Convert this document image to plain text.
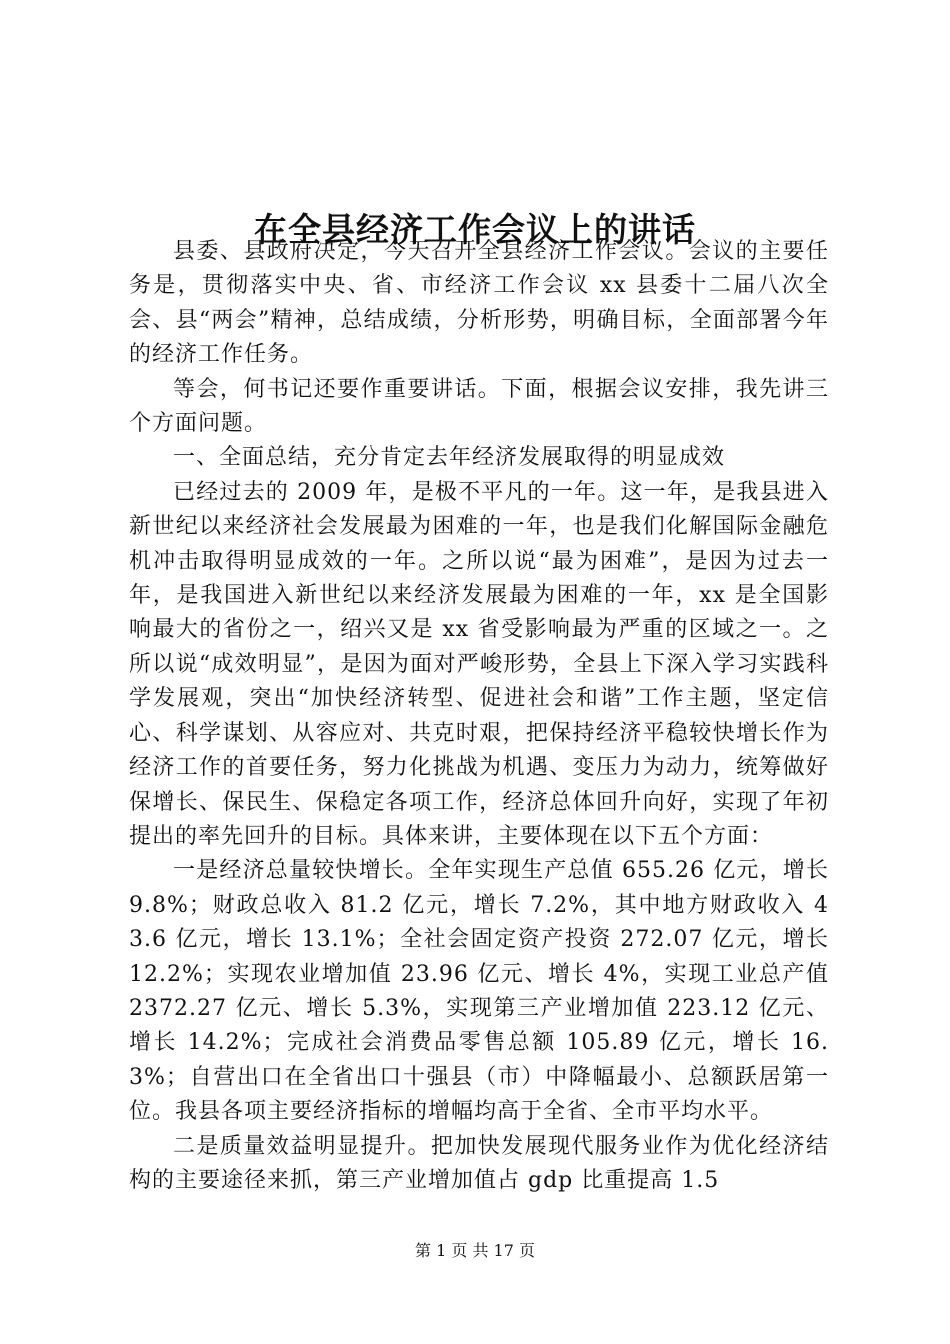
在全县经济工作会议上的讲话

县委、县政府决定，今天召开全县经济工作会议。会议的主要任务是，贯彻落实中央、省、市经济工作会议 xx 县委十二届八次全会、县“两会”精神，总结成绩，分析形势，明确目标，全面部署今年的经济工作任务。

等会，何书记还要作重要讲话。下面，根据会议安排，我先讲三个方面问题。

一、全面总结，充分肯定去年经济发展取得的明显成效

已经过去的 2009 年，是极不平凡的一年。这一年，是我县进入新世纪以来经济社会发展最为困难的一年，也是我们化解国际金融危机冲击取得明显成效的一年。之所以说“最为困难”，是因为过去一年，是我国进入新世纪以来经济发展最为困难的一年，xx 是全国影响最大的省份之一，绍兴又是 xx 省受影响最为严重的区域之一。之所以说“成效明显”，是因为面对严峻形势，全县上下深入学习实践科学发展观，突出“加快经济转型、促进社会和谐”工作主题，坚定信心、科学谋划、从容应对、共克时艰，把保持经济平稳较快增长作为经济工作的首要任务，努力化挑战为机遇、变压力为动力，统筹做好保增长、保民生、保稳定各项工作，经济总体回升向好，实现了年初提出的率先回升的目标。具体来讲，主要体现在以下五个方面：

一是经济总量较快增长。全年实现生产总值 655.26 亿元，增长 9.8%；财政总收入 81.2 亿元，增长 7.2%，其中地方财政收入 43.6 亿元，增长 13.1%；全社会固定资产投资 272.07 亿元，增长 12.2%；实现农业增加值 23.96 亿元、增长 4%，实现工业总产值 2372.27 亿元、增长 5.3%，实现第三产业增加值 223.12 亿元、增长 14.2%；完成社会消费品零售总额 105.89 亿元，增长 16.3%；自营出口在全省出口十强县（市）中降幅最小、总额跃居第一位。我县各项主要经济指标的增幅均高于全省、全市平均水平。

二是质量效益明显提升。把加快发展现代服务业作为优化经济结构的主要途径来抓，第三产业增加值占 gdp 比重提高 1.5

第 1 页 共 17 页
